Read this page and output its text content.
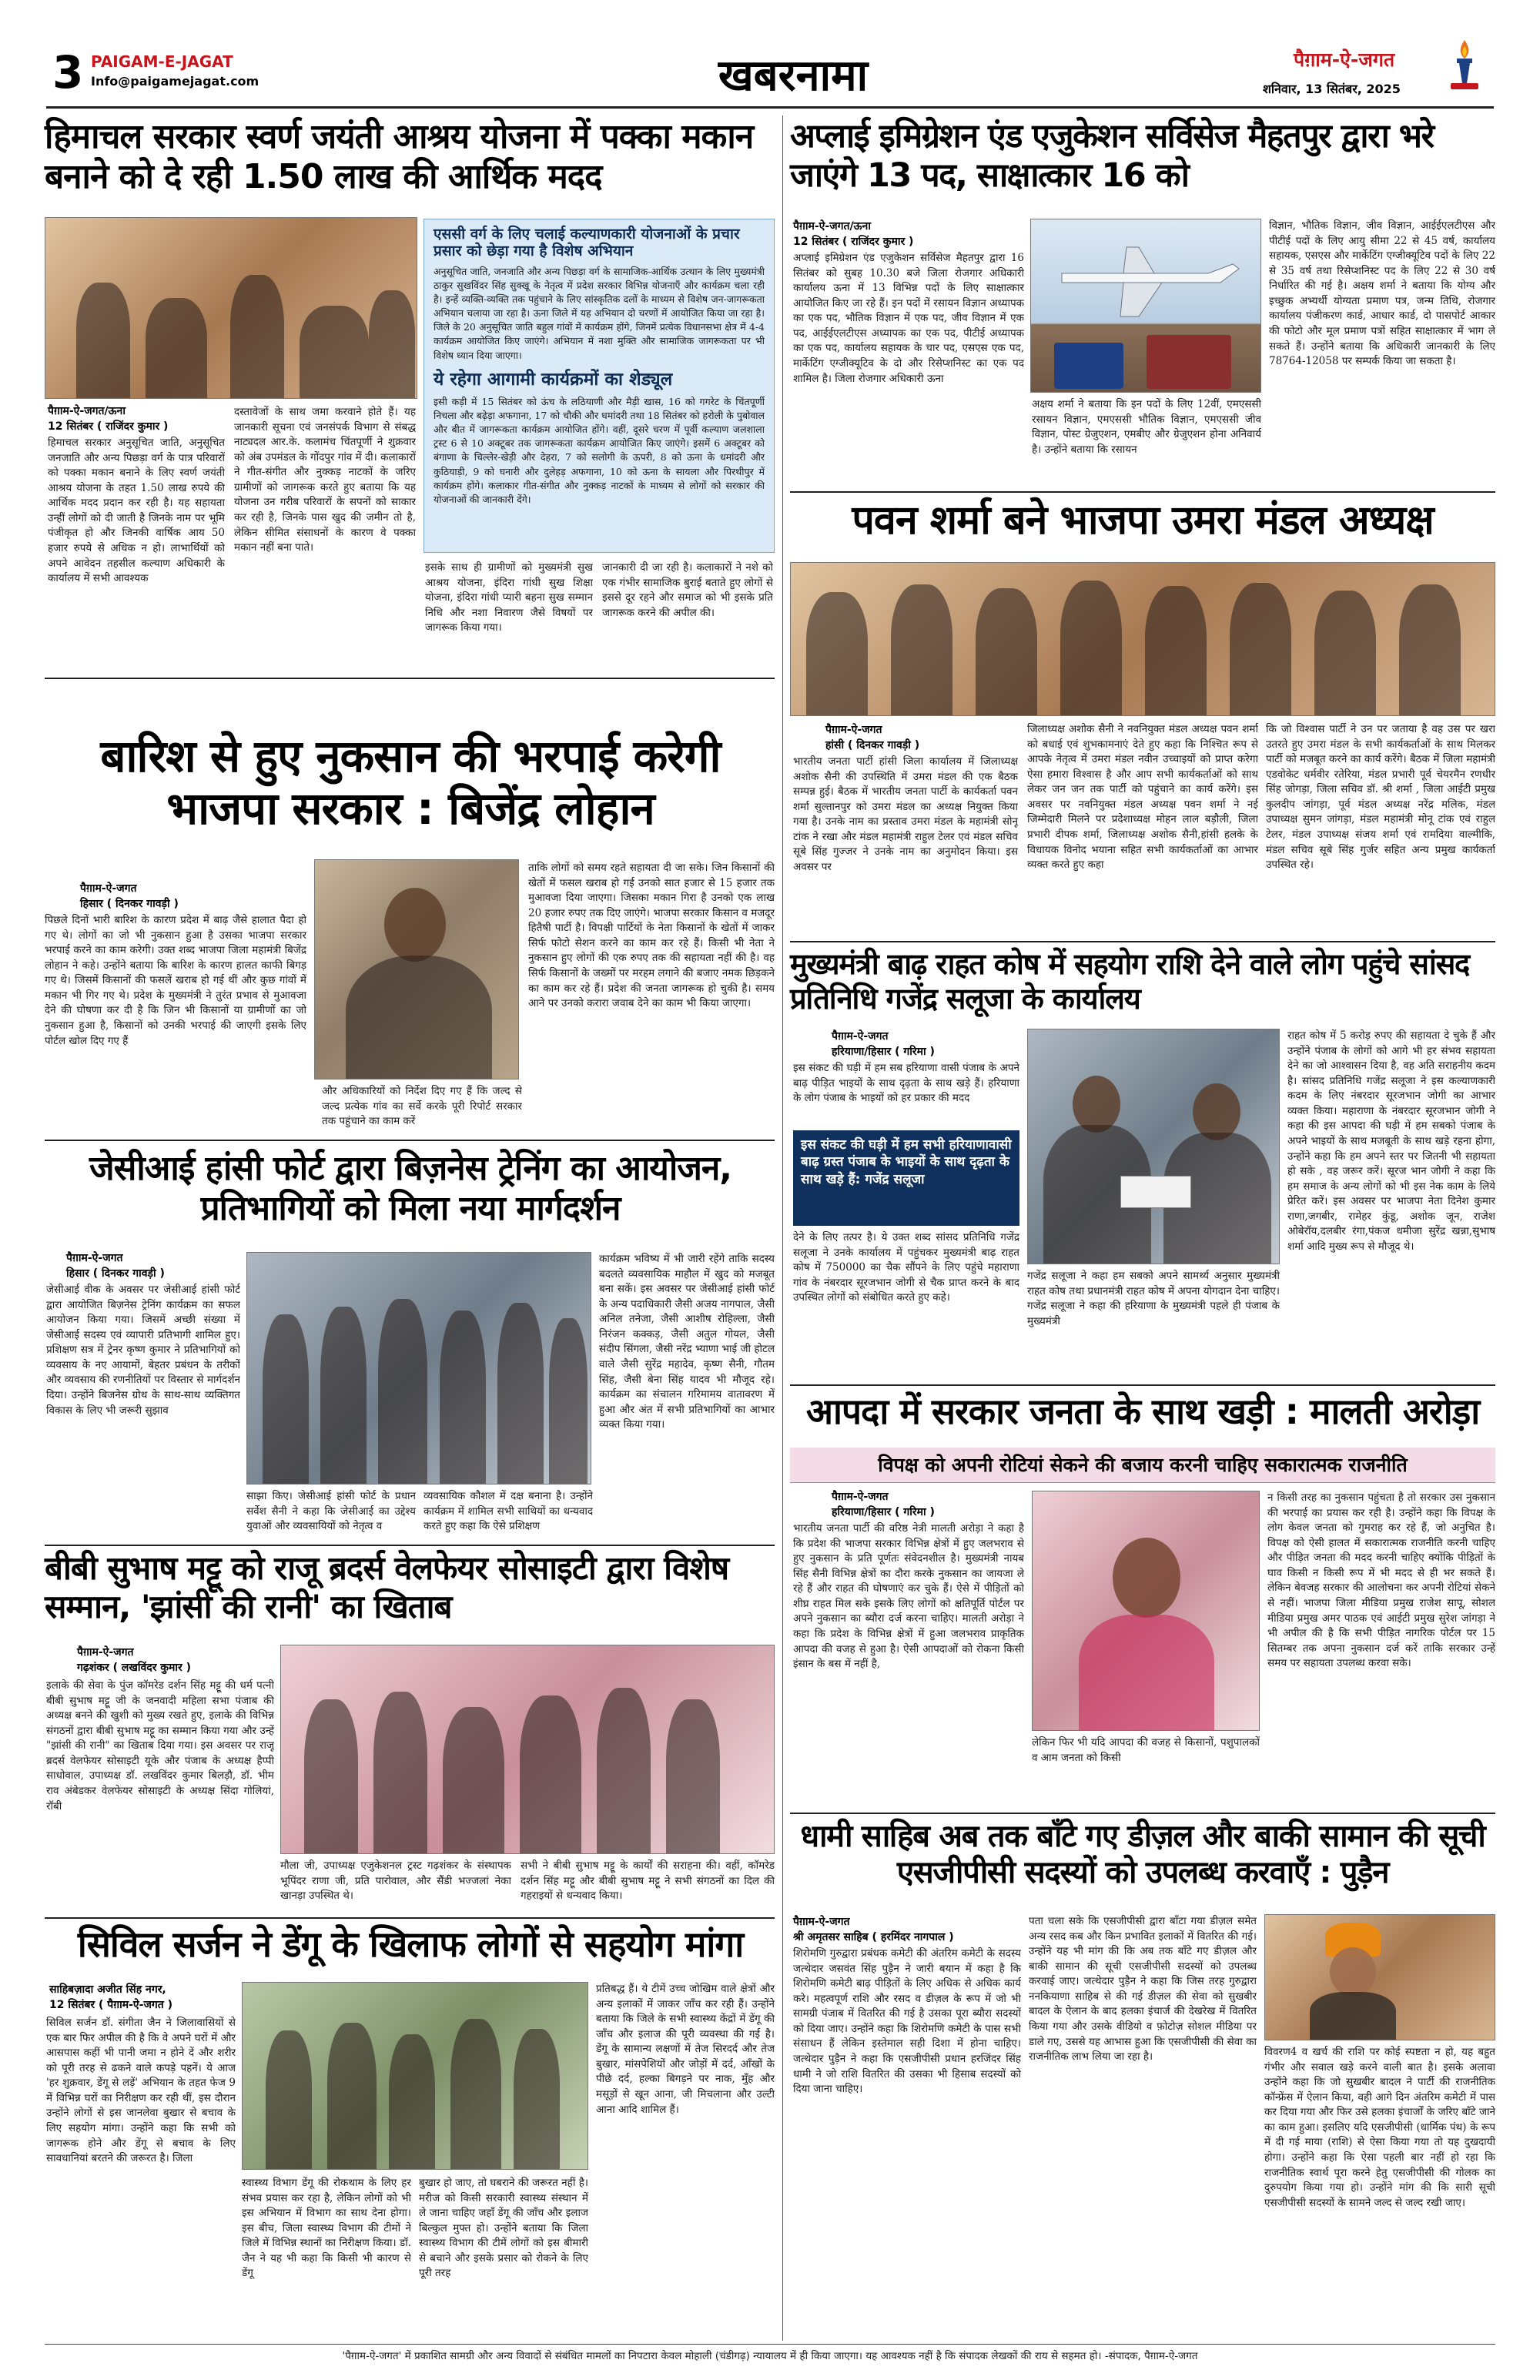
3 PAIGAM-E-JAGAT
Info@paigamejagat.com	खबरनामा	पैग़ाम-ऐ-जगत
शनिवार, 13 सितंबर, 2025
हिमाचल सरकार स्वर्ण जयंती आश्रय योजना में पक्का मकान बनाने को दे रही 1.50 लाख की आर्थिक मदद
एससी वर्ग के लिए चलाई कल्याणकारी योजनाओं के प्रचार प्रसार को छेड़ा गया है विशेष अभियान
अनुसूचित जाति, जनजाति और अन्य पिछड़ा वर्ग के सामाजिक-आर्थिक उत्थान के लिए मुख्यमंत्री ठाकुर सुखविंदर सिंह सुक्खू के नेतृत्व में प्रदेश सरकार विभिन्न योजनाएँ और कार्यक्रम चला रही है। इन्हें व्यक्ति-व्यक्ति तक पहुंचाने के लिए सांस्कृतिक दलों के माध्यम से विशेष जन-जागरूकता अभियान चलाया जा रहा है। ऊना जिले में यह अभियान दो चरणों में आयोजित किया जा रहा है। जिले के 20 अनुसूचित जाति बहुल गांवों में कार्यक्रम होंगे, जिनमें प्रत्येक विधानसभा क्षेत्र में 4-4 कार्यक्रम आयोजित किए जाएंगे। अभियान में नशा मुक्ति और सामाजिक जागरूकता पर भी विशेष ध्यान दिया जाएगा।
ये रहेगा आगामी कार्यक्रमों का शेड्यूल
इसी कड़ी में 15 सितंबर को ऊंच के लठियाणी और मैड़ी खास, 16 को गगरेट के चिंतपूर्णी निचला और बढ़ेड़ा अफगाना, 17 को चौकी और धमांदरी तथा 18 सितंबर को हरोली के पुबोवाल और बीत में जागरूकता कार्यक्रम आयोजित होंगे। वहीं, दूसरे चरण में पूर्वी कल्याण जलशाला ट्रस्ट 6 से 10 अक्टूबर तक जागरूकता कार्यक्रम आयोजित किए जाएंगे। इसमें 6 अक्टूबर को बंगाणा के चिल्लेर-खेड़ी और देहरा, 7 को सलोगी के ऊपरी, 8 को ऊना के धमांदरी और कुठियाड़ी, 9 को घनारी और दुलेहड़ अफगाना, 10 को ऊना के सायला और पिरथीपुर में कार्यक्रम होंगे। कलाकार गीत-संगीत और नुक्कड़ नाटकों के माध्यम से लोगों को सरकार की योजनाओं की जानकारी देंगे।
पैग़ाम-ऐ-जगत/ऊना
12 सितंबर ( राजिंदर कुमार )
हिमाचल सरकार अनुसूचित जाति, अनुसूचित जनजाति और अन्य पिछड़ा वर्ग के पात्र परिवारों को पक्का मकान बनाने के लिए स्वर्ण जयंती आश्रय योजना के तहत 1.50 लाख रुपये की आर्थिक मदद प्रदान कर रही है। यह सहायता उन्हीं लोगों को दी जाती है जिनके नाम पर भूमि पंजीकृत हो और जिनकी वार्षिक आय 50 हजार रुपये से अधिक न हो। लाभार्थियों को अपने आवेदन तहसील कल्याण अधिकारी के कार्यालय में सभी आवश्यक
दस्तावेजों के साथ जमा करवाने होते हैं। यह जानकारी सूचना एवं जनसंपर्क विभाग से संबद्ध नाट्यदल आर.के. कलामंच चिंतपूर्णी ने शुक्रवार को अंब उपमंडल के गोंदपुर गांव में दी। कलाकारों ने गीत-संगीत और नुक्कड़ नाटकों के जरिए ग्रामीणों को जागरूक करते हुए बताया कि यह योजना उन गरीब परिवारों के सपनों को साकार कर रही है, जिनके पास खुद की जमीन तो है, लेकिन सीमित संसाधनों के कारण वे पक्का मकान नहीं बना पाते।
इसके साथ ही ग्रामीणों को मुख्यमंत्री सुख आश्रय योजना, इंदिरा गांधी सुख शिक्षा योजना, इंदिरा गांधी प्यारी बहना सुख सम्मान निधि और नशा निवारण जैसे विषयों पर जागरूक किया गया।
जानकारी दी जा रही है। कलाकारों ने नशे को एक गंभीर सामाजिक बुराई बताते हुए लोगों से इससे दूर रहने और समाज को भी इसके प्रति जागरूक करने की अपील की।
बारिश से हुए नुकसान की भरपाई करेगी भाजपा सरकार : बिजेंद्र लोहान
पैग़ाम-ऐ-जगत
हिसार ( दिनकर गावड़ी )
पिछले दिनों भारी बारिश के कारण प्रदेश में बाढ़ जैसे हालात पैदा हो गए थे। लोगों का जो भी नुकसान हुआ है उसका भाजपा सरकार भरपाई करने का काम करेगी। उक्त शब्द भाजपा जिला महामंत्री बिजेंद्र लोहान ने कहे। उन्होंने बताया कि बारिश के कारण हालत काफी बिगड़ गए थे। जिसमें किसानों की फसलें खराब हो गई थीं और कुछ गांवों में मकान भी गिर गए थे। प्रदेश के मुख्यमंत्री ने तुरंत प्रभाव से मुआवजा देने की घोषणा कर दी है कि जिन भी किसानों या ग्रामीणों का जो नुकसान हुआ है, किसानों को उनकी भरपाई की जाएगी इसके लिए पोर्टल खोल दिए गए हैं
और अधिकारियों को निर्देश दिए गए हैं कि जल्द से जल्द प्रत्येक गांव का सर्वे करके पूरी रिपोर्ट सरकार तक पहुंचाने का काम करें
ताकि लोगों को समय रहते सहायता दी जा सके। जिन किसानों की खेतों में फसल खराब हो गई उनको सात हजार से 15 हजार तक मुआवजा दिया जाएगा। जिसका मकान गिरा है उनको एक लाख 20 हजार रुपए तक दिए जाएंगे। भाजपा सरकार किसान व मजदूर हितैषी पार्टी है। विपक्षी पार्टियों के नेता किसानों के खेतों में जाकर सिर्फ फोटो सेशन करने का काम कर रहे हैं। किसी भी नेता ने नुकसान हुए लोगों की एक रुपए तक की सहायता नहीं की है। वह सिर्फ किसानों के जख्मों पर मरहम लगाने की बजाए नमक छिड़कने का काम कर रहे हैं। प्रदेश की जनता जागरूक हो चुकी है। समय आने पर उनको करारा जवाब देने का काम भी किया जाएगा।
जेसीआई हांसी फोर्ट द्वारा बिज़नेस ट्रेनिंग का आयोजन, प्रतिभागियों को मिला नया मार्गदर्शन
पैग़ाम-ऐ-जगत
हिसार ( दिनकर गावड़ी )
जेसीआई वीक के अवसर पर जेसीआई हांसी फोर्ट द्वारा आयोजित बिज़नेस ट्रेनिंग कार्यक्रम का सफल आयोजन किया गया। जिसमें अच्छी संख्या में जेसीआई सदस्य एवं व्यापारी प्रतिभागी शामिल हुए। प्रशिक्षण सत्र में ट्रेनर कृष्ण कुमार ने प्रतिभागियों को व्यवसाय के नए आयामों, बेहतर प्रबंधन के तरीकों और व्यवसाय की रणनीतियों पर विस्तार से मार्गदर्शन दिया। उन्होंने बिजनेस ग्रोथ के साथ-साथ व्यक्तिगत विकास के लिए भी जरूरी सुझाव
साझा किए। जेसीआई हांसी फोर्ट के प्रधान सर्वेश सैनी ने कहा कि जेसीआई का उद्देश्य युवाओं और व्यवसायियों को नेतृत्व व
व्यवसायिक कौशल में दक्ष बनाना है। उन्होंने कार्यक्रम में शामिल सभी साथियों का धन्यवाद करते हुए कहा कि ऐसे प्रशिक्षण
कार्यक्रम भविष्य में भी जारी रहेंगे ताकि सदस्य बदलते व्यवसायिक माहौल में खुद को मजबूत बना सकें। इस अवसर पर जेसीआई हांसी फोर्ट के अन्य पदाधिकारी जैसी अजय नागपाल, जैसी अनिल तनेजा, जैसी आशीष रोहिल्ला, जैसी निरंजन कक्कड़, जैसी अतुल गोयल, जैसी संदीप सिंगला, जैसी नरेंद्र भ्याणा भाई जी होटल वाले जैसी सुरेंद्र महादेव, कृष्ण सैनी, गौतम सिंह, जैसी बेना सिंह यादव भी मौजूद रहे। कार्यक्रम का संचालन गरिमामय वातावरण में हुआ और अंत में सभी प्रतिभागियों का आभार व्यक्त किया गया।
बीबी सुभाष मट्टू को राजू ब्रदर्स वेलफेयर सोसाइटी द्वारा विशेष सम्मान, 'झांसी की रानी' का खिताब
पैग़ाम-ऐ-जगत
गढ़शंकर ( लखविंदर कुमार )
इलाके की सेवा के पुंज कॉमरेड दर्शन सिंह मट्टू की धर्म पत्नी बीबी सुभाष मट्टू जी के जनवादी महिला सभा पंजाब की अध्यक्ष बनने की खुशी को मुख्य रखते हुए, इलाके की विभिन्न संगठनों द्वारा बीबी सुभाष मट्टू का सम्मान किया गया और उन्हें "झांसी की रानी" का खिताब दिया गया। इस अवसर पर राजू ब्रदर्स वेलफेयर सोसाइटी यूके और पंजाब के अध्यक्ष हैप्पी साधोवाल, उपाध्यक्ष डॉ. लखविंदर कुमार बिलड़ौ, डॉ. भीम राव अंबेडकर वेलफेयर सोसाइटी के अध्यक्ष सिंदा गोलियां, रॉबी
मौला जी, उपाध्यक्ष एजुकेशनल ट्रस्ट गढ़शंकर के संस्थापक भूपिंदर राणा जी, प्रति पारोवाल, और सैंडी भज्जलां नेका खानड़ा उपस्थित थे।
सभी ने बीबी सुभाष मट्टू के कार्यों की सराहना की। वहीं, कॉमरेड दर्शन सिंह मट्टू और बीबी सुभाष मट्टू ने सभी संगठनों का दिल की गहराइयों से धन्यवाद किया।
सिविल सर्जन ने डेंगू के खिलाफ लोगों से सहयोग मांगा
साहिबज़ादा अजीत सिंह नगर,
12 सितंबर ( पैग़ाम-ऐ-जगत )
सिविल सर्जन डॉ. संगीता जैन ने जिलावासियों से एक बार फिर अपील की है कि वे अपने घरों में और आसपास कहीं भी पानी जमा न होने दें और शरीर को पूरी तरह से ढकने वाले कपड़े पहनें। ये आज 'हर शुक्रवार, डेंगू से लड़ें' अभियान के तहत फेज 9 में विभिन्न घरों का निरीक्षण कर रही थीं, इस दौरान उन्होंने लोगों से इस जानलेवा बुखार से बचाव के लिए सहयोग मांगा। उन्होंने कहा कि सभी को जागरूक होने और डेंगू से बचाव के लिए सावधानियां बरतने की जरूरत है। जिला
स्वास्थ्य विभाग डेंगू की रोकथाम के लिए हर संभव प्रयास कर रहा है, लेकिन लोगों को भी इस अभियान में विभाग का साथ देना होगा। इस बीच, जिला स्वास्थ्य विभाग की टीमों ने जिले में विभिन्न स्थानों का निरीक्षण किया। डॉ. जैन ने यह भी कहा कि किसी भी कारण से डेंगू
बुखार हो जाए, तो घबराने की जरूरत नहीं है। मरीज को किसी सरकारी स्वास्थ्य संस्थान में ले जाना चाहिए जहाँ डेंगू की जाँच और इलाज बिल्कुल मुफ्त हो। उन्होंने बताया कि जिला स्वास्थ्य विभाग की टीमें लोगों को इस बीमारी से बचाने और इसके प्रसार को रोकने के लिए पूरी तरह
प्रतिबद्ध हैं। ये टीमें उच्च जोखिम वाले क्षेत्रों और अन्य इलाकों में जाकर जाँच कर रही हैं। उन्होंने बताया कि जिले के सभी स्वास्थ्य केंद्रों में डेंगू की जाँच और इलाज की पूरी व्यवस्था की गई है। डेंगू के सामान्य लक्षणों में तेज सिरदर्द और तेज बुखार, मांसपेशियों और जोड़ों में दर्द, आँखों के पीछे दर्द, हल्का बिगड़ने पर नाक, मुँह और मसूड़ों से खून आना, जी मिचलाना और उल्टी आना आदि शामिल हैं।
अप्लाई इमिग्रेशन एंड एजुकेशन सर्विसेज मैहतपुर द्वारा भरे जाएंगे 13 पद, साक्षात्कार 16 को
पैग़ाम-ऐ-जगत/ऊना
12 सितंबर ( राजिंदर कुमार )
अप्लाई इमिग्रेशन एंड एजुकेशन सर्विसेज मैहतपुर द्वारा 16 सितंबर को सुबह 10.30 बजे जिला रोजगार अधिकारी कार्यालय ऊना में 13 विभिन्न पदों के लिए साक्षात्कार आयोजित किए जा रहे हैं। इन पदों में रसायन विज्ञान अध्यापक का एक पद, भौतिक विज्ञान में एक पद, जीव विज्ञान में एक पद, आईईएलटीएस अध्यापक का एक पद, पीटीई अध्यापक का एक पद, कार्यालय सहायक के चार पद, एसएस एक पद, मार्केटिंग एग्जीक्यूटिव के दो और रिसेप्शनिस्ट का एक पद शामिल है। जिला रोजगार अधिकारी ऊना
अक्षय शर्मा ने बताया कि इन पदों के लिए 12वीं, एमएससी रसायन विज्ञान, एमएससी भौतिक विज्ञान, एमएससी जीव विज्ञान, पोस्ट ग्रेजुएशन, एमबीए और ग्रेजुएशन होना अनिवार्य है। उन्होंने बताया कि रसायन
विज्ञान, भौतिक विज्ञान, जीव विज्ञान, आईईएलटीएस और पीटीई पदों के लिए आयु सीमा 22 से 45 वर्ष, कार्यालय सहायक, एसएस और मार्केटिंग एग्जीक्यूटिव पदों के लिए 22 से 35 वर्ष तथा रिसेप्शनिस्ट पद के लिए 22 से 30 वर्ष निर्धारित की गई है। अक्षय शर्मा ने बताया कि योग्य और इच्छुक अभ्यर्थी योग्यता प्रमाण पत्र, जन्म तिथि, रोजगार कार्यालय पंजीकरण कार्ड, आधार कार्ड, दो पासपोर्ट आकार की फोटो और मूल प्रमाण पत्रों सहित साक्षात्कार में भाग ले सकते हैं। उन्होंने बताया कि अधिकारी जानकारी के लिए 78764-12058 पर सम्पर्क किया जा सकता है।
पवन शर्मा बने भाजपा उमरा मंडल अध्यक्ष
पैग़ाम-ऐ-जगत
हांसी ( दिनकर गावड़ी )
भारतीय जनता पार्टी हांसी जिला कार्यालय में जिलाध्यक्ष अशोक सैनी की उपस्थिति में उमरा मंडल की एक बैठक सम्पन्न हुई। बैठक में भारतीय जनता पार्टी के कार्यकर्ता पवन शर्मा सुल्तानपुर को उमरा मंडल का अध्यक्ष नियुक्त किया गया है। उनके नाम का प्रस्ताव उमरा मंडल के महामंत्री सोनू टांक ने रखा और मंडल महामंत्री राहुल टेलर एवं मंडल सचिव सूबे सिंह गुज्जर ने उनके नाम का अनुमोदन किया। इस अवसर पर
जिलाध्यक्ष अशोक सैनी ने नवनियुक्त मंडल अध्यक्ष पवन शर्मा को बधाई एवं शुभकामनाएं देते हुए कहा कि निश्चित रूप से आपके नेतृत्व में उमरा मंडल नवीन उच्चाइयों को प्राप्त करेगा ऐसा हमारा विश्वास है और आप सभी कार्यकर्ताओं को साथ लेकर जन जन तक पार्टी को पहुंचाने का कार्य करेंगे। इस अवसर पर नवनियुक्त मंडल अध्यक्ष पवन शर्मा ने नई जिम्मेदारी मिलने पर प्रदेशाध्यक्ष मोहन लाल बड़ौली, जिला प्रभारी दीपक शर्मा, जिलाध्यक्ष अशोक सैनी,हांसी हलके के विधायक विनोद भयाना सहित सभी कार्यकर्ताओं का आभार व्यक्त करते हुए कहा
कि जो विश्वास पार्टी ने उन पर जताया है वह उस पर खरा उतरते हुए उमरा मंडल के सभी कार्यकर्ताओं के साथ मिलकर पार्टी को मजबूत करने का कार्य करेंगे। बैठक में जिला महामंत्री एडवोकेट धर्मवीर रतेरिया, मंडल प्रभारी पूर्व चेयरमैन रणधीर सिंह जोगड़ा, जिला सचिव डॉ. श्री शर्मा , जिला आईटी प्रमुख कुलदीप जांगड़ा, पूर्व मंडल अध्यक्ष नरेंद्र मलिक, मंडल उपाध्यक्ष सुमन जांगड़ा, मंडल महामंत्री मोनू टांक एवं राहुल टेलर, मंडल उपाध्यक्ष संजय शर्मा एवं रामदिया वाल्मीकि, मंडल सचिव सूबे सिंह गुर्जर सहित अन्य प्रमुख कार्यकर्ता उपस्थित रहे।
मुख्यमंत्री बाढ़ राहत कोष में सहयोग राशि देने वाले लोग पहुंचे सांसद प्रतिनिधि गजेंद्र सलूजा के कार्यालय
पैग़ाम-ऐ-जगत
हरियाणा/हिसार ( गरिमा )
इस संकट की घड़ी में हम सब हरियाणा वासी पंजाब के अपने बाढ़ पीड़ित भाइयों के साथ दृढ़ता के साथ खड़े हैं। हरियाणा के लोग पंजाब के भाइयों को हर प्रकार की मदद
इस संकट की घड़ी में हम सभी हरियाणावासी बाढ़ ग्रस्त पंजाब के भाइयों के साथ दृढ़ता के साथ खड़े हैं: गजेंद्र सलूजा
देने के लिए तत्पर है। ये उक्त शब्द सांसद प्रतिनिधि गजेंद्र सलूजा ने उनके कार्यालय में पहुंचकर मुख्यमंत्री बाढ़ राहत कोष में 750000 का चैक सौंपने के लिए पहुंचे महाराणा गांव के नंबरदार सूरजभान जोगी से चैक प्राप्त करने के बाद उपस्थित लोगों को संबोधित करते हुए कहे।
गजेंद्र सलूजा ने कहा हम सबको अपने सामर्थ्य अनुसार मुख्यमंत्री राहत कोष तथा प्रधानमंत्री राहत कोष में अपना योगदान देना चाहिए। गजेंद्र सलूजा ने कहा की हरियाणा के मुख्यमंत्री पहले ही पंजाब के मुख्यमंत्री
राहत कोष में 5 करोड़ रुपए की सहायता दे चुके हैं और उन्होंने पंजाब के लोगों को आगे भी हर संभव सहायता देने का जो आश्वासन दिया है, वह अति सराहनीय कदम है। सांसद प्रतिनिधि गजेंद्र सलूजा ने इस कल्याणकारी कदम के लिए नंबरदार सूरजभान जोगी का आभार व्यक्त किया। महाराणा के नंबरदार सूरजभान जोगी ने कहा की इस आपदा की घड़ी में हम सबको पंजाब के अपने भाइयों के साथ मजबूती के साथ खड़े रहना होगा, उन्होंने कहा कि हम अपने स्तर पर जितनी भी सहायता हो सके , वह जरूर करें। सूरज भान जोगी ने कहा कि हम समाज के अन्य लोगों को भी इस नेक काम के लिये प्रेरित करें। इस अवसर पर भाजपा नेता दिनेश कुमार राणा,जगबीर, रामेहर कुंडू, अशोक जून, राजेश ओबेरॉय,दलबीर रंगा,पंकज धमीजा सुरेंद्र खन्ना,सुभाष शर्मा आदि मुख्य रूप से मौजूद थे।
आपदा में सरकार जनता के साथ खड़ी : मालती अरोड़ा
विपक्ष को अपनी रोटियां सेकने की बजाय करनी चाहिए सकारात्मक राजनीति
पैग़ाम-ऐ-जगत
हरियाणा/हिसार ( गरिमा )
भारतीय जनता पार्टी की वरिष्ठ नेत्री मालती अरोड़ा ने कहा है कि प्रदेश की भाजपा सरकार विभिन्न क्षेत्रों में हुए जलभराव से हुए नुकसान के प्रति पूर्णतः संवेदनशील है। मुख्यमंत्री नायब सिंह सैनी विभिन्न क्षेत्रों का दौरा करके नुकसान का जायजा ले रहे हैं और राहत की घोषणाएं कर चुके हैं। ऐसे में पीड़ितों को शीघ्र राहत मिल सके इसके लिए लोगों को क्षतिपूर्ति पोर्टल पर अपने नुकसान का ब्यौरा दर्ज करना चाहिए। मालती अरोड़ा ने कहा कि प्रदेश के विभिन्न क्षेत्रों में हुआ जलभराव प्राकृतिक आपदा की वजह से हुआ है। ऐसी आपदाओं को रोकना किसी इंसान के बस में नहीं है,
लेकिन फिर भी यदि आपदा की वजह से किसानों, पशुपालकों व आम जनता को किसी
न किसी तरह का नुकसान पहुंचता है तो सरकार उस नुकसान की भरपाई का प्रयास कर रही है। उन्होंने कहा कि विपक्ष के लोग केवल जनता को गुमराह कर रहे हैं, जो अनुचित है। विपक्ष को ऐसी हालत में सकारात्मक राजनीति करनी चाहिए और पीड़ित जनता की मदद करनी चाहिए क्योंकि पीड़ितों के घाव किसी न किसी रूप में भी मदद से ही भर सकते हैं। लेकिन बेवजह सरकार की आलोचना कर अपनी रोटियां सेकने से नहीं। भाजपा जिला मीडिया प्रमुख राजेश सापू, सोशल मीडिया प्रमुख अमर पाठक एवं आईटी प्रमुख सुरेश जांगड़ा ने भी अपील की है कि सभी पीड़ित नागरिक पोर्टल पर 15 सितम्बर तक अपना नुकसान दर्ज करें ताकि सरकार उन्हें समय पर सहायता उपलब्ध करवा सके।
धामी साहिब अब तक बाँटे गए डीज़ल और बाकी सामान की सूची एसजीपीसी सदस्यों को उपलब्ध करवाएँ : पुड़ैन
पैग़ाम-ऐ-जगत
श्री अमृतसर साहिब ( हरमिंदर नागपाल )
शिरोमणि गुरुद्वारा प्रबंधक कमेटी की अंतरिम कमेटी के सदस्य जत्थेदार जसवंत सिंह पुड़ैन ने जारी बयान में कहा है कि शिरोमणि कमेटी बाढ़ पीड़ितों के लिए अधिक से अधिक कार्य करे। महत्वपूर्ण राशि और रसद व डीज़ल के रूप में जो भी सामग्री पंजाब में वितरित की गई है उसका पूरा ब्यौरा सदस्यों को दिया जाए। उन्होंने कहा कि शिरोमणि कमेटी के पास सभी संसाधन हैं लेकिन इस्तेमाल सही दिशा में होना चाहिए। जत्थेदार पुड़ैन ने कहा कि एसजीपीसी प्रधान हरजिंदर सिंह धामी ने जो राशि वितरित की उसका भी हिसाब सदस्यों को दिया जाना चाहिए।
पता चला सके कि एसजीपीसी द्वारा बाँटा गया डीज़ल समेत अन्य रसद कब और किन प्रभावित इलाकों में वितरित की गई। उन्होंने यह भी मांग की कि अब तक बाँटे गए डीज़ल और बाकी सामान की सूची एसजीपीसी सदस्यों को उपलब्ध करवाई जाए। जत्थेदार पुड़ैन ने कहा कि जिस तरह गुरुद्वारा ननकियाणा साहिब से की गई डीज़ल की सेवा को सुखबीर बादल के ऐलान के बाद हलका इंचार्ज की देखरेख में वितरित किया गया और उसके वीडियो व फ़ोटोज़ सोशल मीडिया पर डाले गए, उससे यह आभास हुआ कि एसजीपीसी की सेवा का राजनीतिक लाभ लिया जा रहा है।	विवरण4 व खर्च की राशि पर कोई स्पष्टता न हो, यह बहुत गंभीर और सवाल खड़े करने वाली बात है। इसके अलावा उन्होंने कहा कि जो सुखबीर बादल ने पार्टी की राजनीतिक कॉन्फ्रेंस में ऐलान किया, वही आगे दिन अंतरिम कमेटी में पास कर दिया गया और फिर उसे हलका इंचार्जों के जरिए बाँटे जाने का काम हुआ। इसलिए यदि एसजीपीसी (धार्मिक पंथ) के रूप में दी गई माया (राशि) से ऐसा किया गया तो यह दुखदायी होगा। उन्होंने कहा कि ऐसा पहली बार नहीं हो रहा कि राजनीतिक स्वार्थ पूरा करने हेतु एसजीपीसी की गोलक का दुरुपयोग किया गया हो। उन्होंने मांग की कि सारी सूची एसजीपीसी सदस्यों के सामने जल्द से जल्द रखी जाए।
'पैग़ाम-ऐ-जगत' में प्रकाशित सामग्री और अन्य विवादों से संबंधित मामलों का निपटारा केवल मोहाली (चंडीगढ़) न्यायालय में ही किया जाएगा। यह आवश्यक नहीं है कि संपादक लेखकों की राय से सहमत हो। -संपादक, पैग़ाम-ऐ-जगत
